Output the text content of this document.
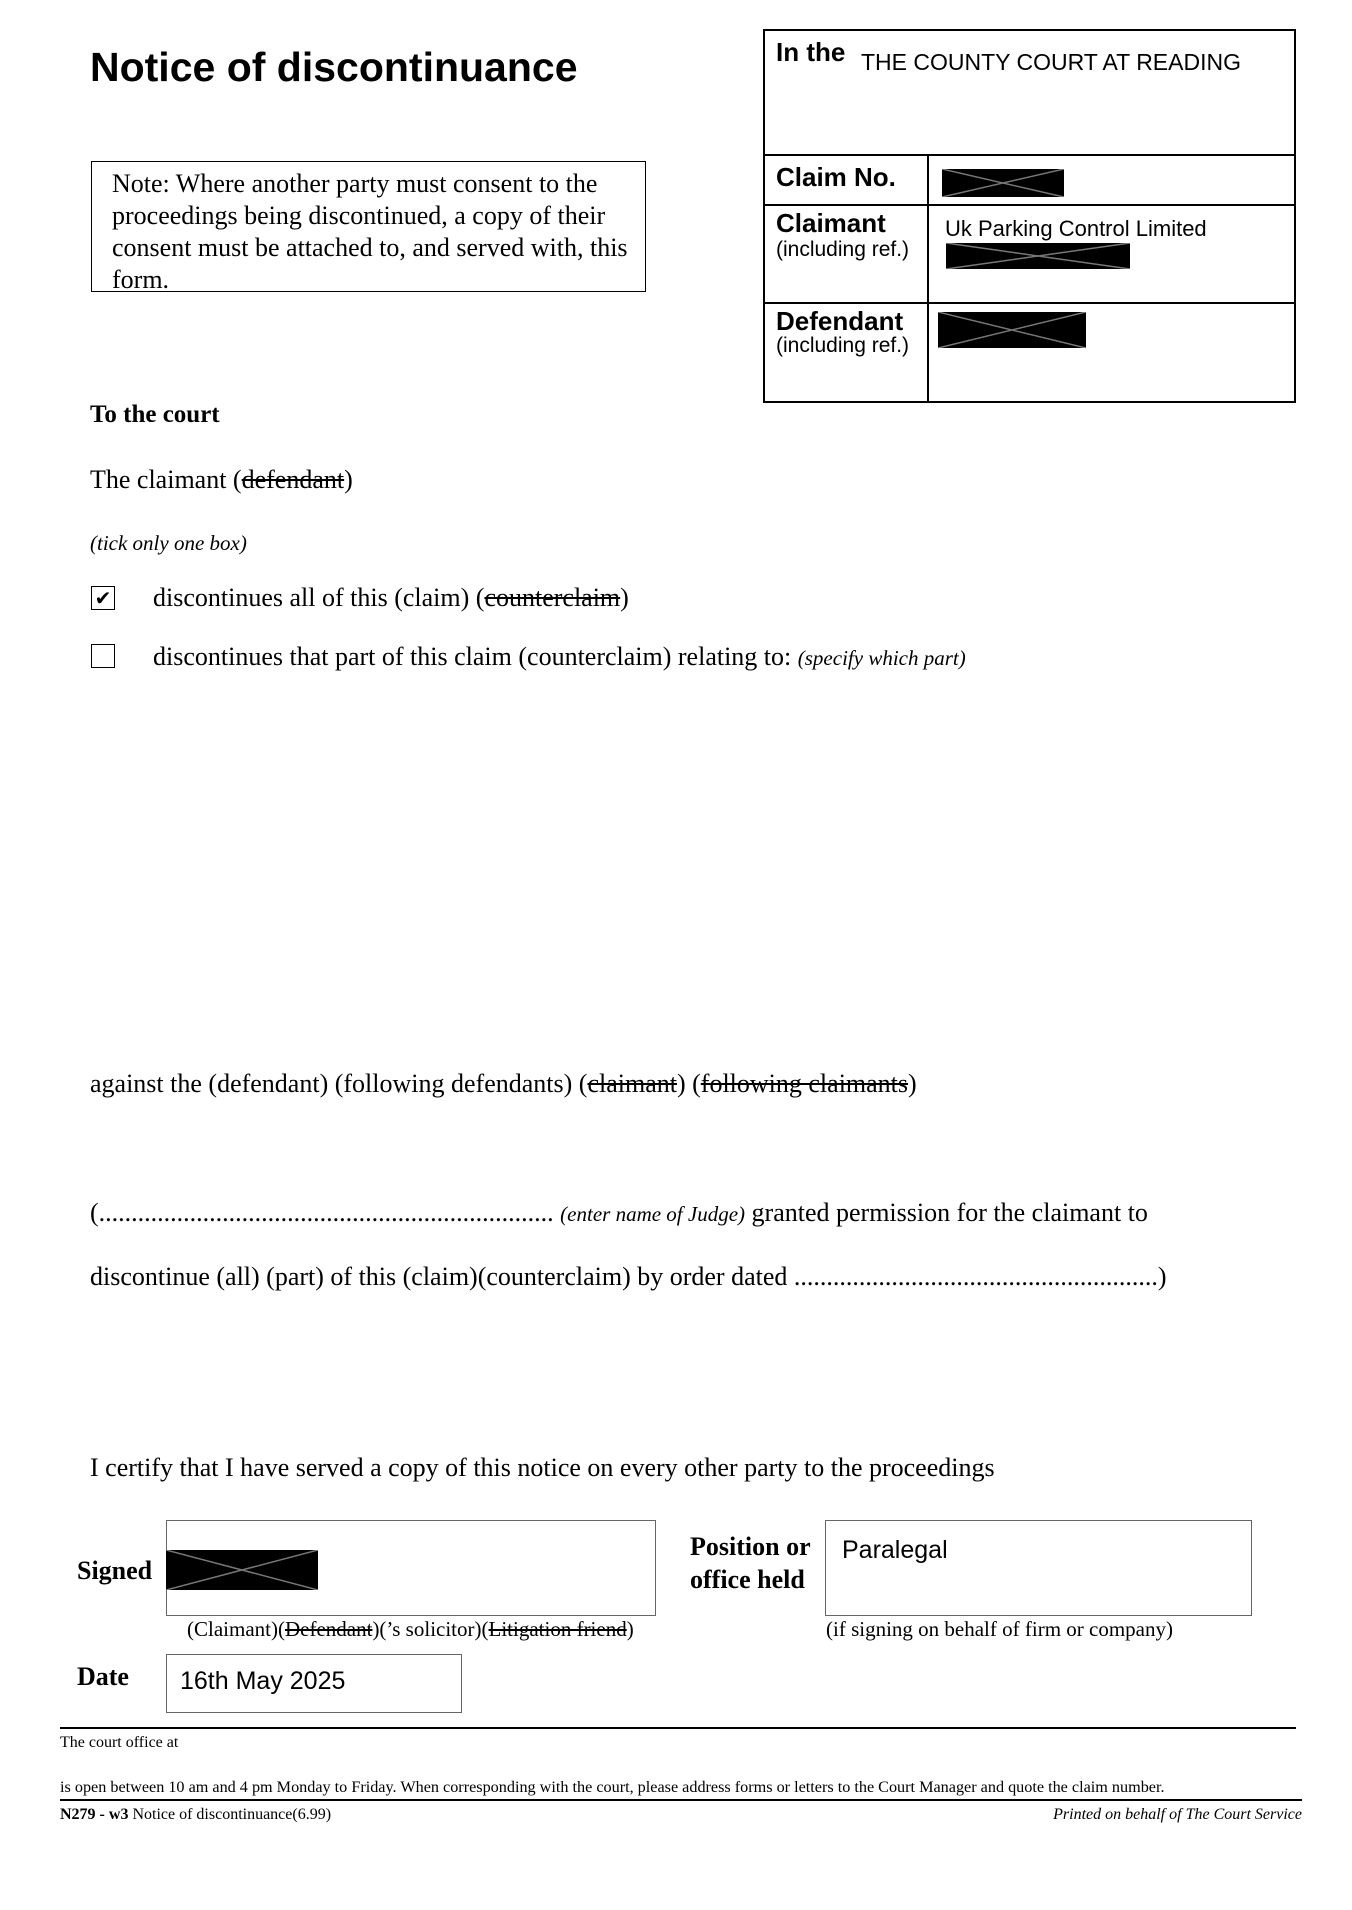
Notice of discontinuance
Note: Where another party must consent to the proceedings being discontinued, a copy of their consent must be attached to, and served with, this form.
In the THE COUNTY COURT AT READING
Claim No.
Claimant
(including ref.)
Uk Parking Control Limited
Defendant
(including ref.)
To the court
The claimant (defendant)
(tick only one box)
✔ discontinues all of this (claim) (counterclaim)
discontinues that part of this claim (counterclaim) relating to: (specify which part)
against the (defendant) (following defendants) (claimant) (following claimants)
(...................................................................... (enter name of Judge) granted permission for the claimant to
discontinue (all) (part) of this (claim)(counterclaim) by order dated ........................................................)
I certify that I have served a copy of this notice on every other party to the proceedings
Signed
(Claimant)(Defendant)(’s solicitor)(Litigation friend)
Position or
office held
Paralegal
(if signing on behalf of firm or company)
Date 16th May 2025
The court office at
is open between 10 am and 4 pm Monday to Friday. When corresponding with the court, please address forms or letters to the Court Manager and quote the claim number.
N279 - w3 Notice of discontinuance(6.99)	Printed on behalf of The Court Service
